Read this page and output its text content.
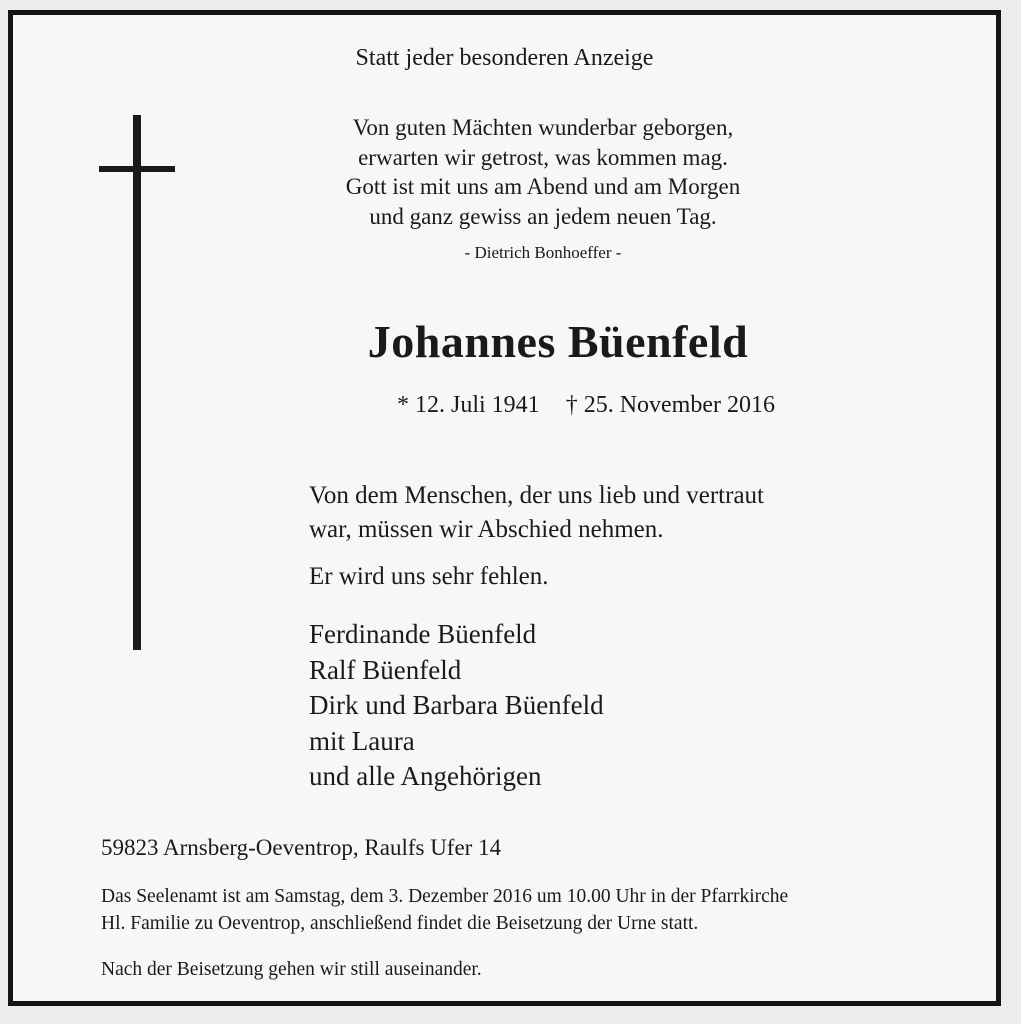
Statt jeder besonderen Anzeige
Von guten Mächten wunderbar geborgen,
erwarten wir getrost, was kommen mag.
Gott ist mit uns am Abend und am Morgen
und ganz gewiss an jedem neuen Tag.
- Dietrich Bonhoeffer -
Johannes Büenfeld
* 12. Juli 1941 † 25. November 2016
Von dem Menschen, der uns lieb und vertraut
war, müssen wir Abschied nehmen.
Er wird uns sehr fehlen.
Ferdinande Büenfeld
Ralf Büenfeld
Dirk und Barbara Büenfeld
mit Laura
und alle Angehörigen
59823 Arnsberg-Oeventrop, Raulfs Ufer 14
Das Seelenamt ist am Samstag, dem 3. Dezember 2016 um 10.00 Uhr in der Pfarrkirche
Hl. Familie zu Oeventrop, anschließend findet die Beisetzung der Urne statt.
Nach der Beisetzung gehen wir still auseinander.
